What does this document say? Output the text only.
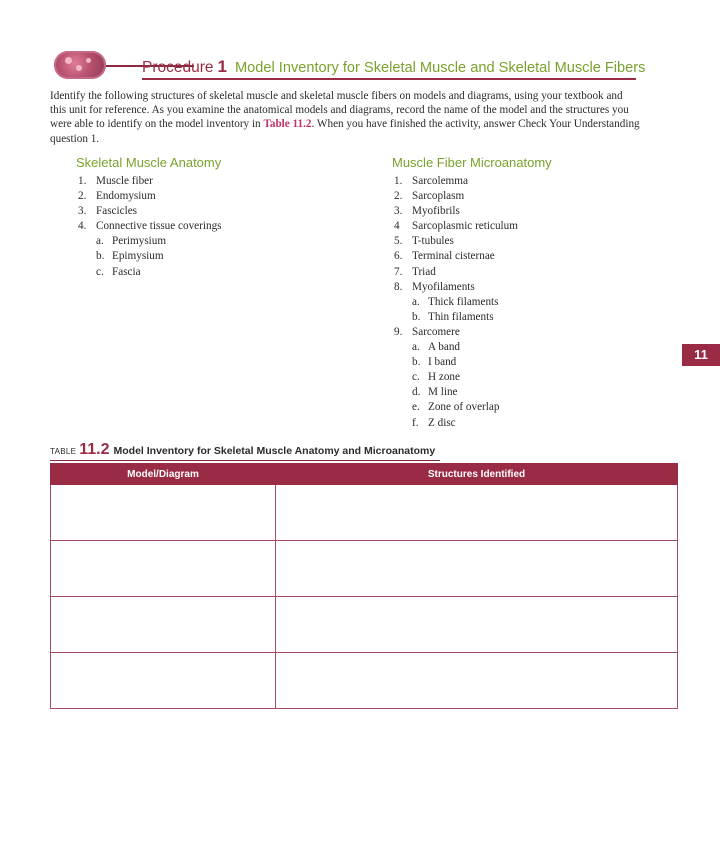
Procedure 1 Model Inventory for Skeletal Muscle and Skeletal Muscle Fibers
Identify the following structures of skeletal muscle and skeletal muscle fibers on models and diagrams, using your textbook and this unit for reference. As you examine the anatomical models and diagrams, record the name of the model and the structures you were able to identify on the model inventory in Table 11.2. When you have finished the activity, answer Check Your Understanding question 1.
Skeletal Muscle Anatomy
1. Muscle fiber
2. Endomysium
3. Fascicles
4. Connective tissue coverings
a. Perimysium
b. Epimysium
c. Fascia
Muscle Fiber Microanatomy
1. Sarcolemma
2. Sarcoplasm
3. Myofibrils
4 Sarcoplasmic reticulum
5. T-tubules
6. Terminal cisternae
7. Triad
8. Myofilaments
a. Thick filaments
b. Thin filaments
9. Sarcomere
a. A band
b. I band
c. H zone
d. M line
e. Zone of overlap
f. Z disc
11
TABLE 11.2 Model Inventory for Skeletal Muscle Anatomy and Microanatomy
Model/Diagram	Structures Identified
